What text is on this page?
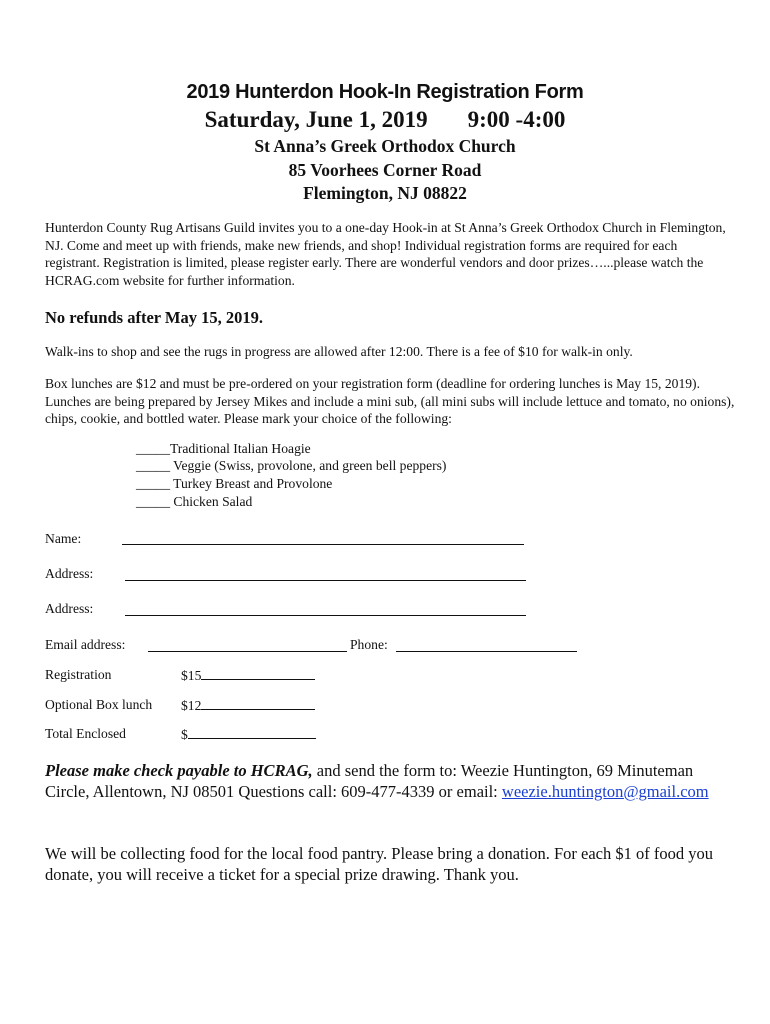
2019 Hunterdon Hook-In Registration Form
Saturday, June 1, 2019 9:00 -4:00
St Anna’s Greek Orthodox Church
85 Voorhees Corner Road
Flemington, NJ 08822
Hunterdon County Rug Artisans Guild invites you to a one-day Hook-in at St Anna’s Greek Orthodox Church in Flemington, NJ. Come and meet up with friends, make new friends, and shop! Individual registration forms are required for each registrant. Registration is limited, please register early. There are wonderful vendors and door prizes…...please watch the HCRAG.com website for further information.
No refunds after May 15, 2019.
Walk-ins to shop and see the rugs in progress are allowed after 12:00. There is a fee of $10 for walk-in only.
Box lunches are $12 and must be pre-ordered on your registration form (deadline for ordering lunches is May 15, 2019). Lunches are being prepared by Jersey Mikes and include a mini sub, (all mini subs will include lettuce and tomato, no onions), chips, cookie, and bottled water. Please mark your choice of the following:
_____Traditional Italian Hoagie
_____ Veggie (Swiss, provolone, and green bell peppers)
_____ Turkey Breast and Provolone
_____ Chicken Salad
Name:
Address:
Address:
Email address:	Phone:
Registration	$15
Optional Box lunch $12
Total Enclosed	$
Please make check payable to HCRAG, and send the form to: Weezie Huntington, 69 Minuteman Circle, Allentown, NJ 08501 Questions call: 609-477-4339 or email: weezie.huntington@gmail.com
We will be collecting food for the local food pantry. Please bring a donation. For each $1 of food you donate, you will receive a ticket for a special prize drawing. Thank you.
